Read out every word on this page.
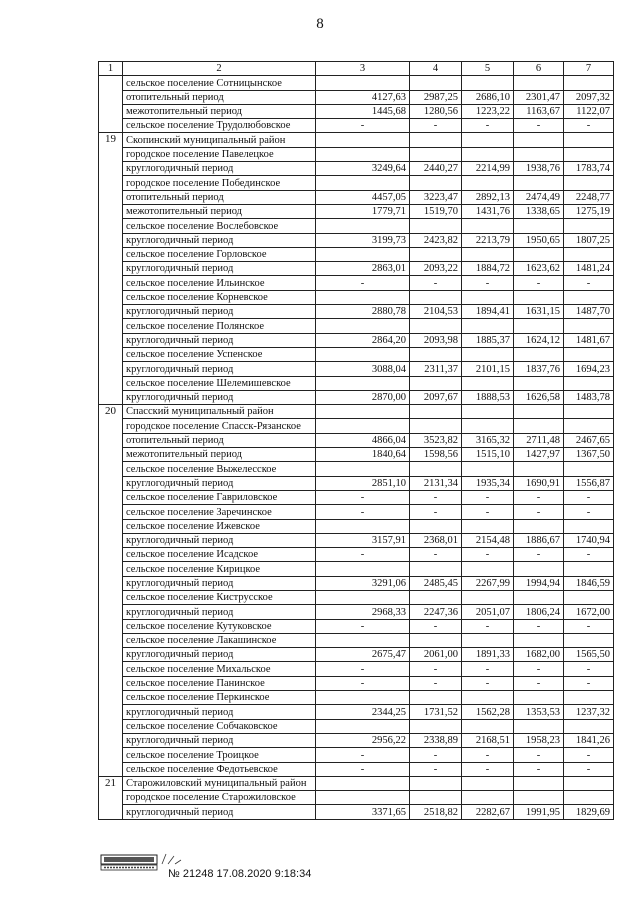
8
1	2	3	4	5	6	7
	сельское поселение Сотницынское					
	отопительный период	4127,63	2987,25	2686,10	2301,47	2097,32
	межотопительный период	1445,68	1280,56	1223,22	1163,67	1122,07
	сельское поселение Трудолюбовское	-	-	-	-	-
19	Скопинский муниципальный район					
	городское поселение Павелецкое					
	круглогодичный период	3249,64	2440,27	2214,99	1938,76	1783,74
	городское поселение Побединское					
	отопительный период	4457,05	3223,47	2892,13	2474,49	2248,77
	межотопительный период	1779,71	1519,70	1431,76	1338,65	1275,19
	сельское поселение Вослебовское					
	круглогодичный период	3199,73	2423,82	2213,79	1950,65	1807,25
	сельское поселение Горловское					
	круглогодичный период	2863,01	2093,22	1884,72	1623,62	1481,24
	сельское поселение Ильинское	-	-	-	-	-
	сельское поселение Корневское					
	круглогодичный период	2880,78	2104,53	1894,41	1631,15	1487,70
	сельское поселение Полянское					
	круглогодичный период	2864,20	2093,98	1885,37	1624,12	1481,67
	сельское поселение Успенское					
	круглогодичный период	3088,04	2311,37	2101,15	1837,76	1694,23
	сельское поселение Шелемишевское					
	круглогодичный период	2870,00	2097,67	1888,53	1626,58	1483,78
20	Спасский муниципальный район					
	городское поселение Спасск-Рязанское					
	отопительный период	4866,04	3523,82	3165,32	2711,48	2467,65
	межотопительный период	1840,64	1598,56	1515,10	1427,97	1367,50
	сельское поселение Выжелесское					
	круглогодичный период	2851,10	2131,34	1935,34	1690,91	1556,87
	сельское поселение Гавриловское	-	-	-	-	-
	сельское поселение Заречинское	-	-	-	-	-
	сельское поселение Ижевское					
	круглогодичный период	3157,91	2368,01	2154,48	1886,67	1740,94
	сельское поселение Исадское	-	-	-	-	-
	сельское поселение Кирицкое					
	круглогодичный период	3291,06	2485,45	2267,99	1994,94	1846,59
	сельское поселение Киструсское					
	круглогодичный период	2968,33	2247,36	2051,07	1806,24	1672,00
	сельское поселение Кутуковское	-	-	-	-	-
	сельское поселение Лакашинское					
	круглогодичный период	2675,47	2061,00	1891,33	1682,00	1565,50
	сельское поселение Михальское	-	-	-	-	-
	сельское поселение Панинское	-	-	-	-	-
	сельское поселение Перкинское					
	круглогодичный период	2344,25	1731,52	1562,28	1353,53	1237,32
	сельское поселение Собчаковское					
	круглогодичный период	2956,22	2338,89	2168,51	1958,23	1841,26
	сельское поселение Троицкое	-	-	-	-	-
	сельское поселение Федотьевское	-	-	-	-	-
21	Старожиловский муниципальный район					
	городское поселение Старожиловское					
	круглогодичный период	3371,65	2518,82	2282,67	1991,95	1829,69
№ 21248 17.08.2020 9:18:34
